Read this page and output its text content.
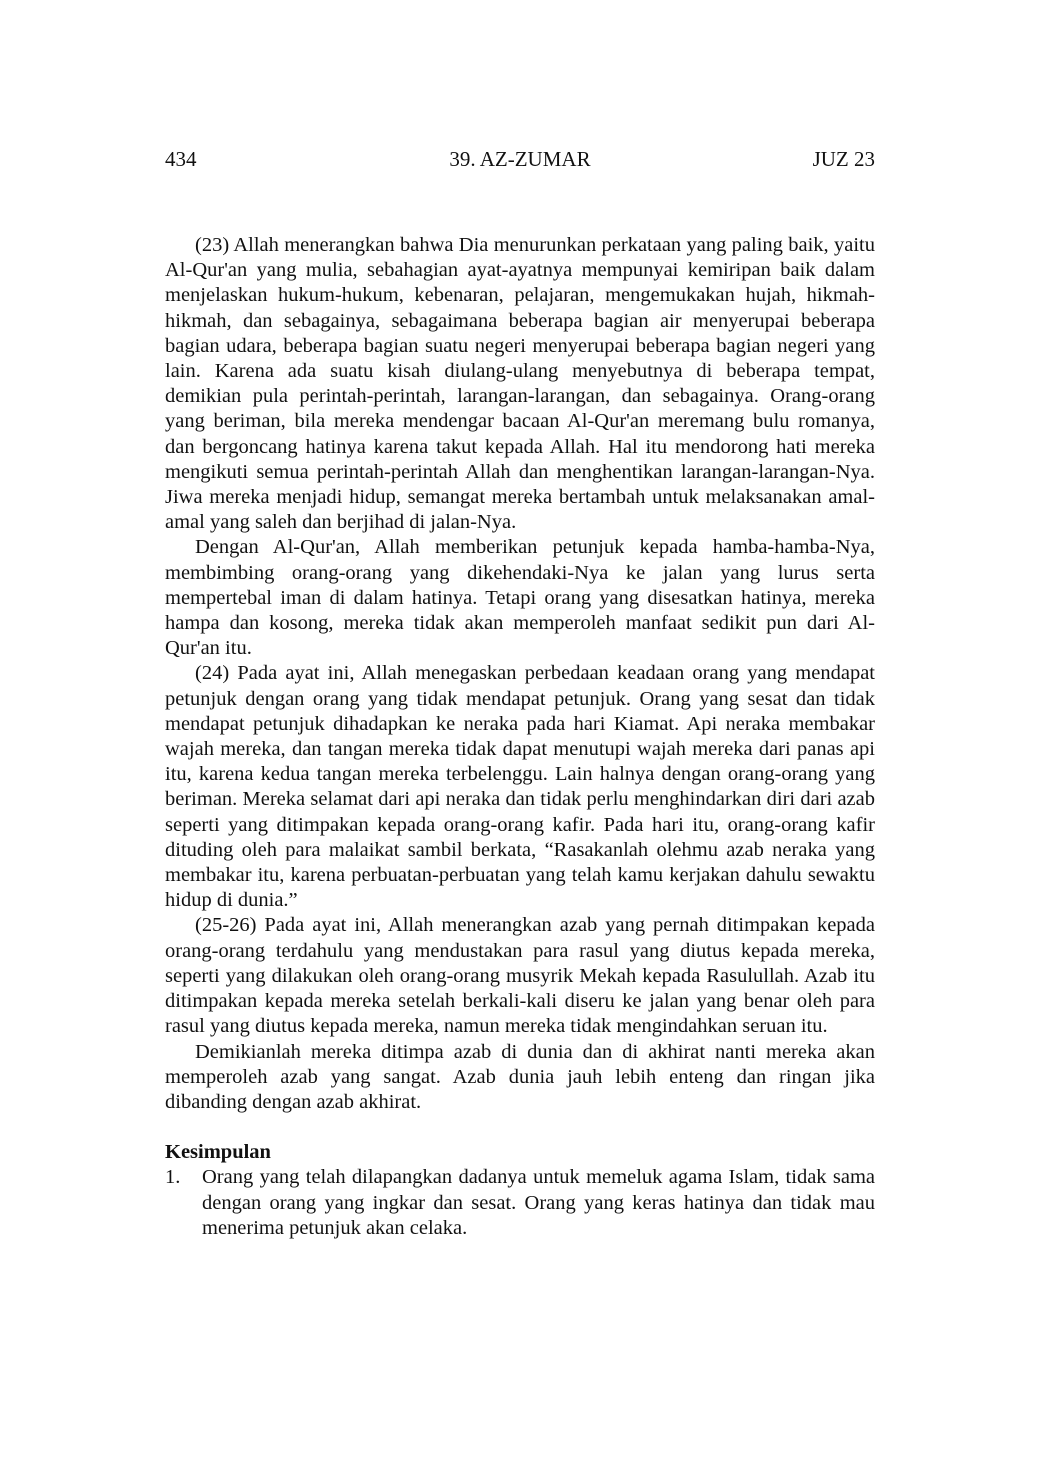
434	39. AZ-ZUMAR	JUZ 23

(23) Allah menerangkan bahwa Dia menurunkan perkataan yang paling baik, yaitu Al-Qur'an yang mulia, sebahagian ayat-ayatnya mempunyai kemiripan baik dalam menjelaskan hukum-hukum, kebenaran, pelajaran, mengemukakan hujah, hikmah-hikmah, dan sebagainya, sebagaimana beberapa bagian air menyerupai beberapa bagian udara, beberapa bagian suatu negeri menyerupai beberapa bagian negeri yang lain. Karena ada suatu kisah diulang-ulang menyebutnya di beberapa tempat, demikian pula perintah-perintah, larangan-larangan, dan sebagainya. Orang-orang yang beriman, bila mereka mendengar bacaan Al-Qur'an meremang bulu romanya, dan bergoncang hatinya karena takut kepada Allah. Hal itu mendorong hati mereka mengikuti semua perintah-perintah Allah dan menghentikan larangan-larangan-Nya. Jiwa mereka menjadi hidup, semangat mereka bertambah untuk melaksanakan amal-amal yang saleh dan berjihad di jalan-Nya.

Dengan Al-Qur'an, Allah memberikan petunjuk kepada hamba-hamba-Nya, membimbing orang-orang yang dikehendaki-Nya ke jalan yang lurus serta mempertebal iman di dalam hatinya. Tetapi orang yang disesatkan hatinya, mereka hampa dan kosong, mereka tidak akan memperoleh manfaat sedikit pun dari Al-Qur'an itu.

(24) Pada ayat ini, Allah menegaskan perbedaan keadaan orang yang mendapat petunjuk dengan orang yang tidak mendapat petunjuk. Orang yang sesat dan tidak mendapat petunjuk dihadapkan ke neraka pada hari Kiamat. Api neraka membakar wajah mereka, dan tangan mereka tidak dapat menutupi wajah mereka dari panas api itu, karena kedua tangan mereka terbelenggu. Lain halnya dengan orang-orang yang beriman. Mereka selamat dari api neraka dan tidak perlu menghindarkan diri dari azab seperti yang ditimpakan kepada orang-orang kafir. Pada hari itu, orang-orang kafir dituding oleh para malaikat sambil berkata, “Rasakanlah olehmu azab neraka yang membakar itu, karena perbuatan-perbuatan yang telah kamu kerjakan dahulu sewaktu hidup di dunia.”

(25-26) Pada ayat ini, Allah menerangkan azab yang pernah ditimpakan kepada orang-orang terdahulu yang mendustakan para rasul yang diutus kepada mereka, seperti yang dilakukan oleh orang-orang musyrik Mekah kepada Rasulullah. Azab itu ditimpakan kepada mereka setelah berkali-kali diseru ke jalan yang benar oleh para rasul yang diutus kepada mereka, namun mereka tidak mengindahkan seruan itu.

Demikianlah mereka ditimpa azab di dunia dan di akhirat nanti mereka akan memperoleh azab yang sangat. Azab dunia jauh lebih enteng dan ringan jika dibanding dengan azab akhirat.

Kesimpulan
1. Orang yang telah dilapangkan dadanya untuk memeluk agama Islam, tidak sama dengan orang yang ingkar dan sesat. Orang yang keras hatinya dan tidak mau menerima petunjuk akan celaka.
